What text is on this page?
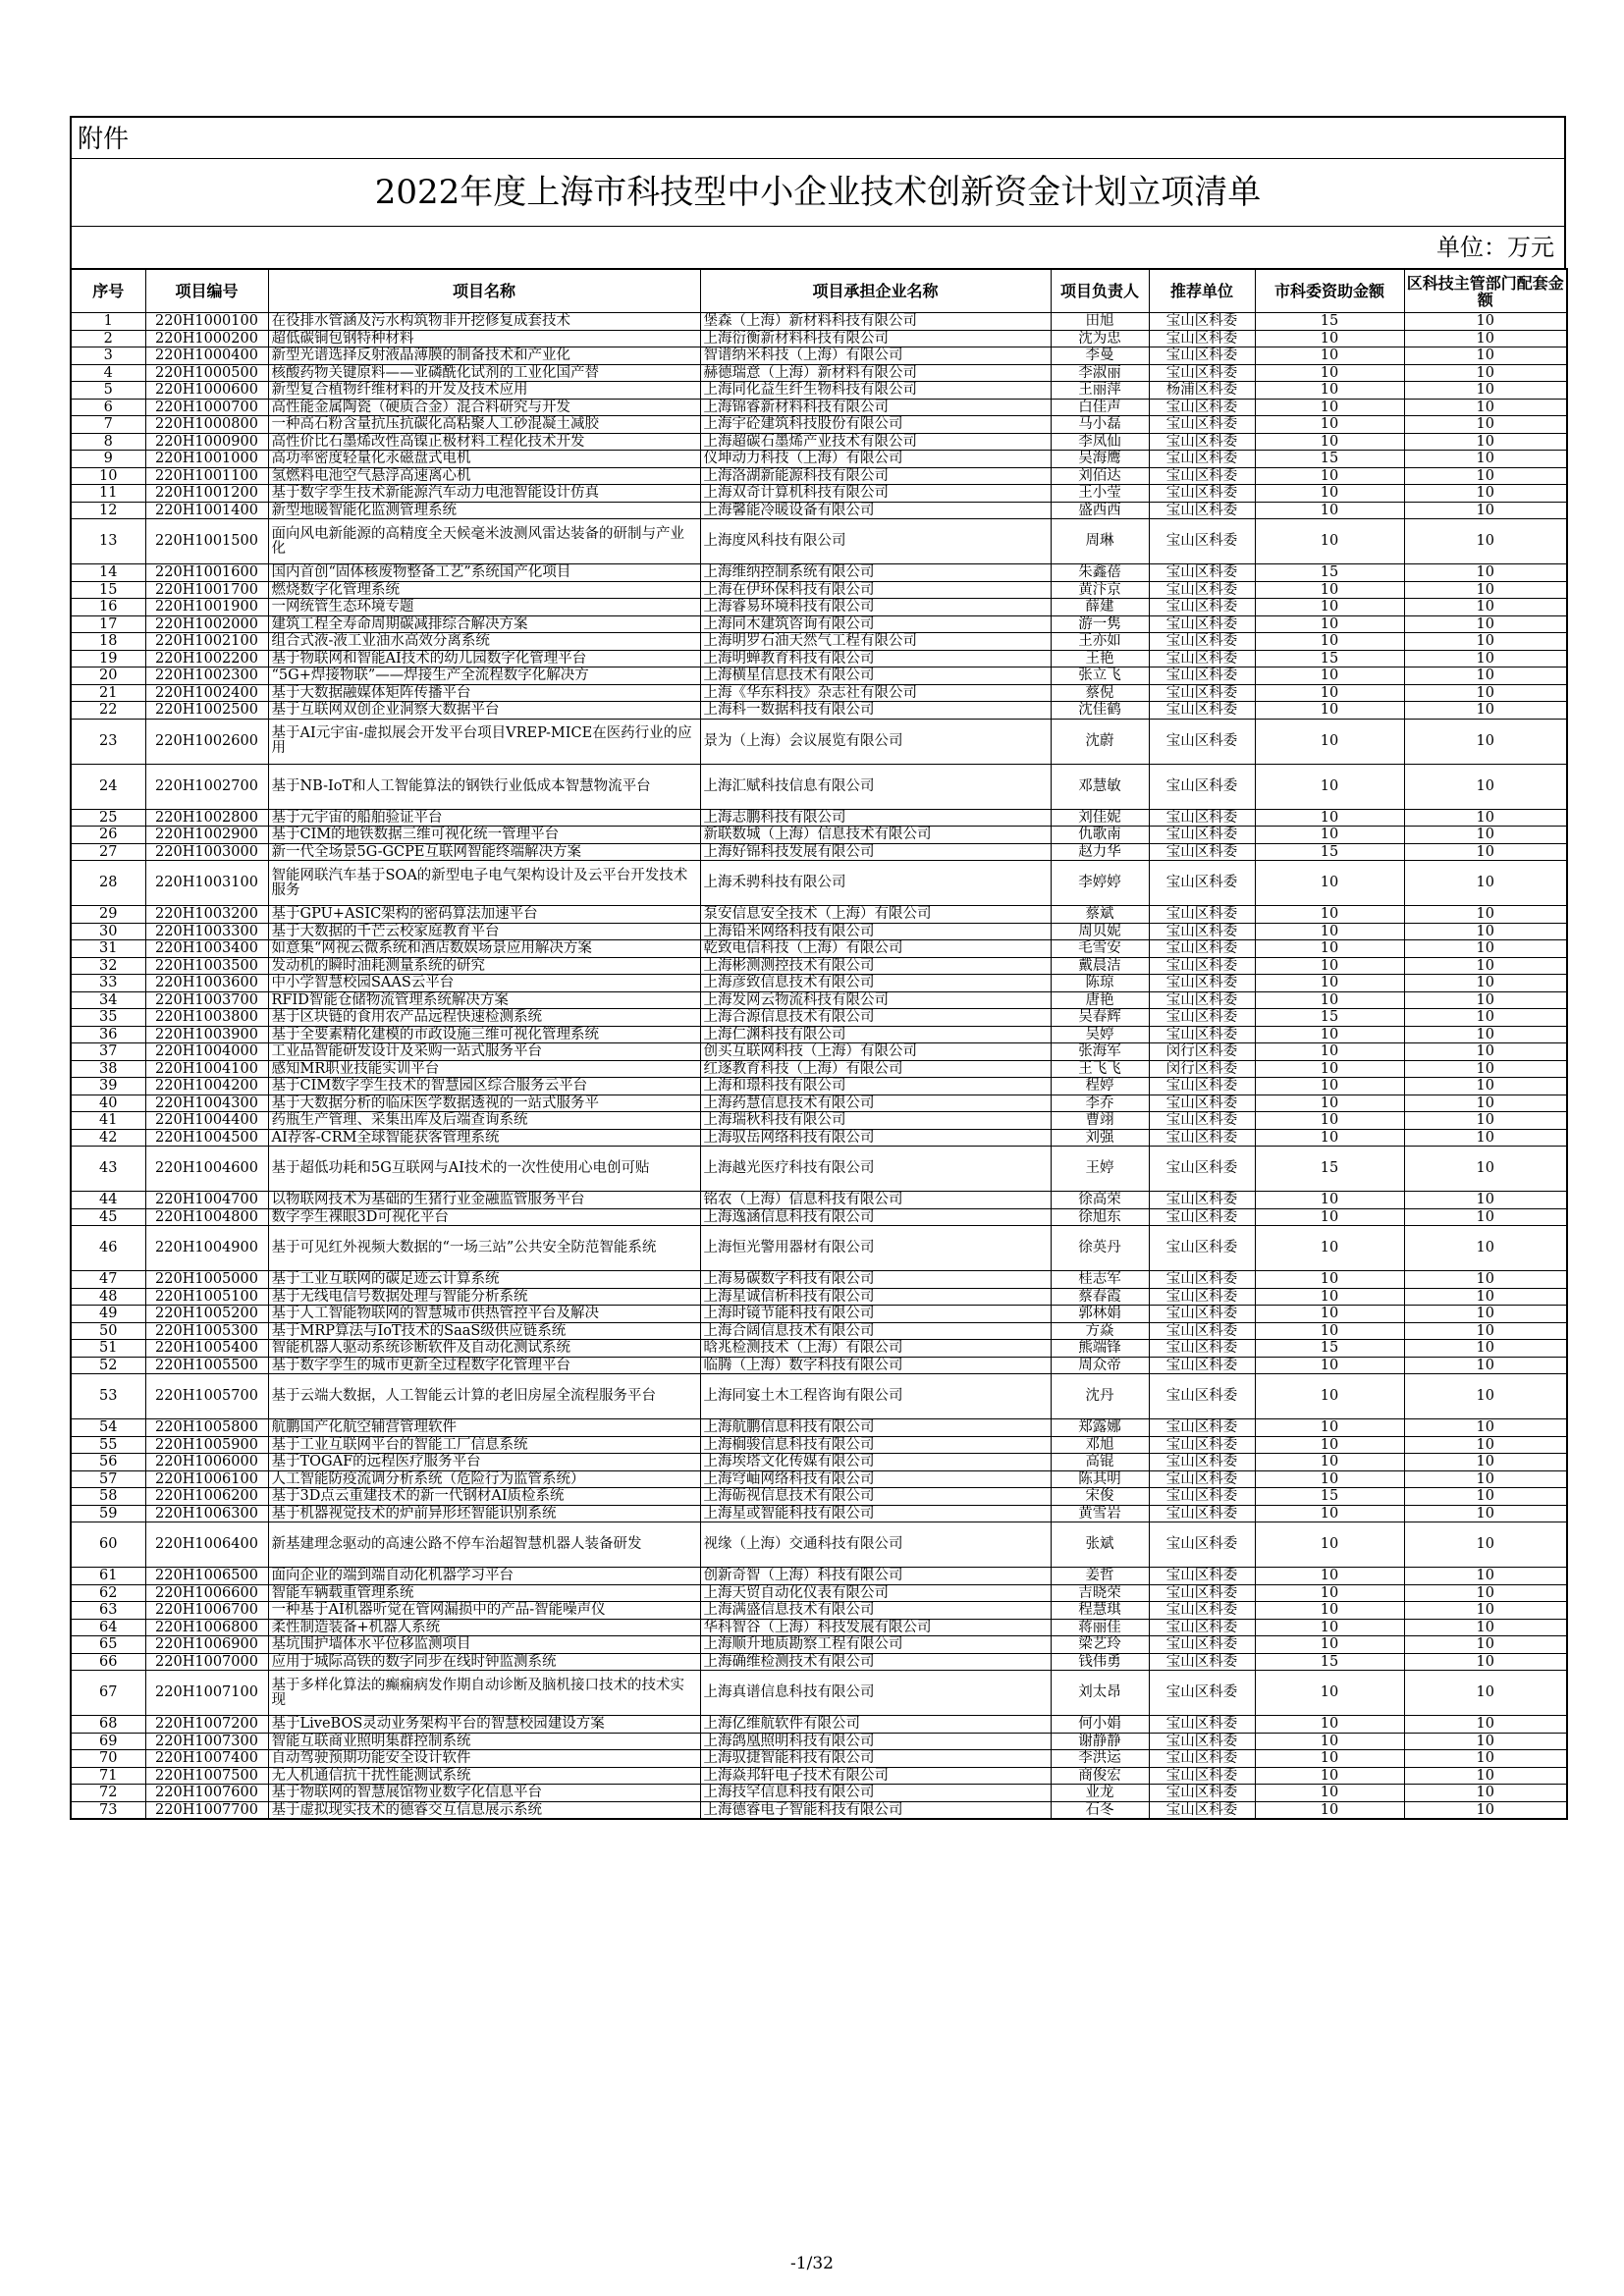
附件
2022年度上海市科技型中小企业技术创新资金计划立项清单
单位：万元
序号	项目编号	项目名称	项目承担企业名称	项目负责人	推荐单位	市科委资助金额	区科技主管部门配套金额
1	220H1000100	在役排水管涵及污水构筑物非开挖修复成套技术	堡森（上海）新材料科技有限公司	田旭	宝山区科委	15	10
2	220H1000200	超低碳铜包钢特种材料	上海衍衡新材料科技有限公司	沈为忠	宝山区科委	10	10
3	220H1000400	新型光谱选择反射液晶薄膜的制备技术和产业化	智谱纳米科技（上海）有限公司	李曼	宝山区科委	10	10
4	220H1000500	核酸药物关键原料——亚磷酰化试剂的工业化国产替	赫德瑞意（上海）新材料有限公司	李淑丽	宝山区科委	10	10
5	220H1000600	新型复合植物纤维材料的开发及技术应用	上海同化益生纤生物科技有限公司	王丽萍	杨浦区科委	10	10
6	220H1000700	高性能金属陶瓷（硬质合金）混合料研究与开发	上海锦睿新材料科技有限公司	白佳声	宝山区科委	10	10
7	220H1000800	一种高石粉含量抗压抗碳化高粘聚人工砂混凝土减胶	上海宇砼建筑科技股份有限公司	马小磊	宝山区科委	10	10
8	220H1000900	高性价比石墨烯改性高镍正极材料工程化技术开发	上海超碳石墨烯产业技术有限公司	李凤仙	宝山区科委	10	10
9	220H1001000	高功率密度轻量化永磁盘式电机	仪坤动力科技（上海）有限公司	吴海鹰	宝山区科委	15	10
10	220H1001100	氢燃料电池空气悬浮高速离心机	上海洛湖新能源科技有限公司	刘佰达	宝山区科委	10	10
11	220H1001200	基于数字孪生技术新能源汽车动力电池智能设计仿真	上海双奇计算机科技有限公司	王小莹	宝山区科委	10	10
12	220H1001400	新型地暖智能化监测管理系统	上海馨能冷暖设备有限公司	盛西西	宝山区科委	10	10
13	220H1001500	面向风电新能源的高精度全天候毫米波测风雷达装备的研制与产业化	上海度风科技有限公司	周琳	宝山区科委	10	10
14	220H1001600	国内首创“固体核废物整备工艺”系统国产化项目	上海维纳控制系统有限公司	朱鑫蓓	宝山区科委	15	10
15	220H1001700	燃烧数字化管理系统	上海在伊环保科技有限公司	黄汴京	宝山区科委	10	10
16	220H1001900	一网统管生态环境专题	上海睿易环境科技有限公司	薛建	宝山区科委	10	10
17	220H1002000	建筑工程全寿命周期碳减排综合解决方案	上海同木建筑咨询有限公司	游一隽	宝山区科委	10	10
18	220H1002100	组合式液-液工业油水高效分离系统	上海明罗石油天然气工程有限公司	王亦如	宝山区科委	10	10
19	220H1002200	基于物联网和智能AI技术的幼儿园数字化管理平台	上海明蝉教育科技有限公司	王艳	宝山区科委	15	10
20	220H1002300	“5G+焊接物联”——焊接生产全流程数字化解决方	上海横星信息技术有限公司	张立飞	宝山区科委	10	10
21	220H1002400	基于大数据融媒体矩阵传播平台	上海《华东科技》杂志社有限公司	蔡倪	宝山区科委	10	10
22	220H1002500	基于互联网双创企业洞察大数据平台	上海科一数据科技有限公司	沈佳鹤	宝山区科委	10	10
23	220H1002600	基于AI元宇宙-虚拟展会开发平台项目VREP-MICE在医药行业的应用	景为（上海）会议展览有限公司	沈蔚	宝山区科委	10	10
24	220H1002700	基于NB-IoT和人工智能算法的钢铁行业低成本智慧物流平台	上海汇赋科技信息有限公司	邓慧敏	宝山区科委	10	10
25	220H1002800	基于元宇宙的船舶验证平台	上海志鹏科技有限公司	刘佳妮	宝山区科委	10	10
26	220H1002900	基于CIM的地铁数据三维可视化统一管理平台	新联数城（上海）信息技术有限公司	仇歌南	宝山区科委	10	10
27	220H1003000	新一代全场景5G-GCPE互联网智能终端解决方案	上海好锦科技发展有限公司	赵力华	宝山区科委	15	10
28	220H1003100	智能网联汽车基于SOA的新型电子电气架构设计及云平台开发技术服务	上海禾骋科技有限公司	李婷婷	宝山区科委	10	10
29	220H1003200	基于GPU+ASIC架构的密码算法加速平台	泵安信息安全技术（上海）有限公司	蔡斌	宝山区科委	10	10
30	220H1003300	基于大数据的千芒云校家庭教育平台	上海铅米网络科技有限公司	周贝妮	宝山区科委	10	10
31	220H1003400	如意集“网视云微系统和酒店数娱场景应用解决方案	乾致电信科技（上海）有限公司	毛雪安	宝山区科委	10	10
32	220H1003500	发动机的瞬时油耗测量系统的研究	上海彬测测控技术有限公司	戴晨洁	宝山区科委	10	10
33	220H1003600	中小学智慧校园SAAS云平台	上海彦致信息技术有限公司	陈琼	宝山区科委	10	10
34	220H1003700	RFID智能仓储物流管理系统解决方案	上海发网云物流科技有限公司	唐艳	宝山区科委	10	10
35	220H1003800	基于区块链的食用农产品远程快速检测系统	上海合源信息技术有限公司	吴春辉	宝山区科委	15	10
36	220H1003900	基于全要素精化建模的市政设施三维可视化管理系统	上海仁渊科技有限公司	吴婷	宝山区科委	10	10
37	220H1004000	工业品智能研发设计及采购一站式服务平台	创买互联网科技（上海）有限公司	张海军	闵行区科委	10	10
38	220H1004100	感知MR职业技能实训平台	红逐教育科技（上海）有限公司	王飞飞	闵行区科委	10	10
39	220H1004200	基于CIM数字孪生技术的智慧园区综合服务云平台	上海和璟科技有限公司	程婷	宝山区科委	10	10
40	220H1004300	基于大数据分析的临床医学数据透视的一站式服务平	上海药慧信息技术有限公司	李乔	宝山区科委	10	10
41	220H1004400	药瓶生产管理、采集出库及后端查询系统	上海瑞秋科技有限公司	曹翊	宝山区科委	10	10
42	220H1004500	AI荐客-CRM全球智能获客管理系统	上海驭岳网络科技有限公司	刘强	宝山区科委	10	10
43	220H1004600	基于超低功耗和5G互联网与AI技术的一次性使用心电创可贴	上海越光医疗科技有限公司	王婷	宝山区科委	15	10
44	220H1004700	以物联网技术为基础的生猪行业金融监管服务平台	铭农（上海）信息科技有限公司	徐高荣	宝山区科委	10	10
45	220H1004800	数字孪生裸眼3D可视化平台	上海逸涵信息科技有限公司	徐旭东	宝山区科委	10	10
46	220H1004900	基于可见红外视频大数据的“一场三站”公共安全防范智能系统	上海恒光警用器材有限公司	徐英丹	宝山区科委	10	10
47	220H1005000	基于工业互联网的碳足迹云计算系统	上海易碳数字科技有限公司	桂志军	宝山区科委	10	10
48	220H1005100	基于无线电信号数据处理与智能分析系统	上海星诚信析科技有限公司	蔡春霞	宝山区科委	10	10
49	220H1005200	基于人工智能物联网的智慧城市供热管控平台及解决	上海时镜节能科技有限公司	郭林娟	宝山区科委	10	10
50	220H1005300	基于MRP算法与IoT技术的SaaS级供应链系统	上海合阔信息技术有限公司	方焱	宝山区科委	10	10
51	220H1005400	智能机器人驱动系统诊断软件及自动化测试系统	晗兆检测技术（上海）有限公司	熊端锋	宝山区科委	15	10
52	220H1005500	基于数字孪生的城市更新全过程数字化管理平台	临腾（上海）数字科技有限公司	周众帝	宝山区科委	10	10
53	220H1005700	基于云端大数据，人工智能云计算的老旧房屋全流程服务平台	上海同宴土木工程咨询有限公司	沈丹	宝山区科委	10	10
54	220H1005800	航鹏国产化航空辅营管理软件	上海航鹏信息科技有限公司	郑露娜	宝山区科委	10	10
55	220H1005900	基于工业互联网平台的智能工厂信息系统	上海榈骏信息科技有限公司	邓旭	宝山区科委	10	10
56	220H1006000	基于TOGAF的远程医疗服务平台	上海埃塔文化传媒有限公司	高锟	宝山区科委	10	10
57	220H1006100	人工智能防疫流调分析系统（危险行为监管系统）	上海穹岫网络科技有限公司	陈其明	宝山区科委	10	10
58	220H1006200	基于3D点云重建技术的新一代钢材AI质检系统	上海砺视信息技术有限公司	宋俊	宝山区科委	15	10
59	220H1006300	基于机器视觉技术的炉前异形坯智能识别系统	上海星或智能科技有限公司	黄雪岩	宝山区科委	10	10
60	220H1006400	新基建理念驱动的高速公路不停车治超智慧机器人装备研发	视缘（上海）交通科技有限公司	张斌	宝山区科委	10	10
61	220H1006500	面向企业的端到端自动化机器学习平台	创新奇智（上海）科技有限公司	姜哲	宝山区科委	10	10
62	220H1006600	智能车辆载重管理系统	上海天贸自动化仪表有限公司	吉晓荣	宝山区科委	10	10
63	220H1006700	一种基于AI机器听觉在管网漏损中的产品-智能噪声仪	上海满盛信息技术有限公司	程慧琪	宝山区科委	10	10
64	220H1006800	柔性制造装备+机器人系统	华科智谷（上海）科技发展有限公司	蒋丽佳	宝山区科委	10	10
65	220H1006900	基坑围护墙体水平位移监测项目	上海顺升地质勘察工程有限公司	梁艺玲	宝山区科委	10	10
66	220H1007000	应用于城际高铁的数字同步在线时钟监测系统	上海确维检测技术有限公司	钱伟勇	宝山区科委	15	10
67	220H1007100	基于多样化算法的癫痫病发作期自动诊断及脑机接口技术的技术实现	上海真谱信息科技有限公司	刘太昂	宝山区科委	10	10
68	220H1007200	基于LiveBOS灵动业务架构平台的智慧校园建设方案	上海亿维航软件有限公司	何小娟	宝山区科委	10	10
69	220H1007300	智能互联商业照明集群控制系统	上海鸽凰照明科技有限公司	谢静静	宝山区科委	10	10
70	220H1007400	自动驾驶预期功能安全设计软件	上海驭捷智能科技有限公司	李洪运	宝山区科委	10	10
71	220H1007500	无人机通信抗干扰性能测试系统	上海焱邦轩电子技术有限公司	商俊宏	宝山区科委	10	10
72	220H1007600	基于物联网的智慧展馆物业数字化信息平台	上海技罕信息科技有限公司	业龙	宝山区科委	10	10
73	220H1007700	基于虚拟现实技术的德睿交互信息展示系统	上海德睿电子智能科技有限公司	石冬	宝山区科委	10	10
-1/32
